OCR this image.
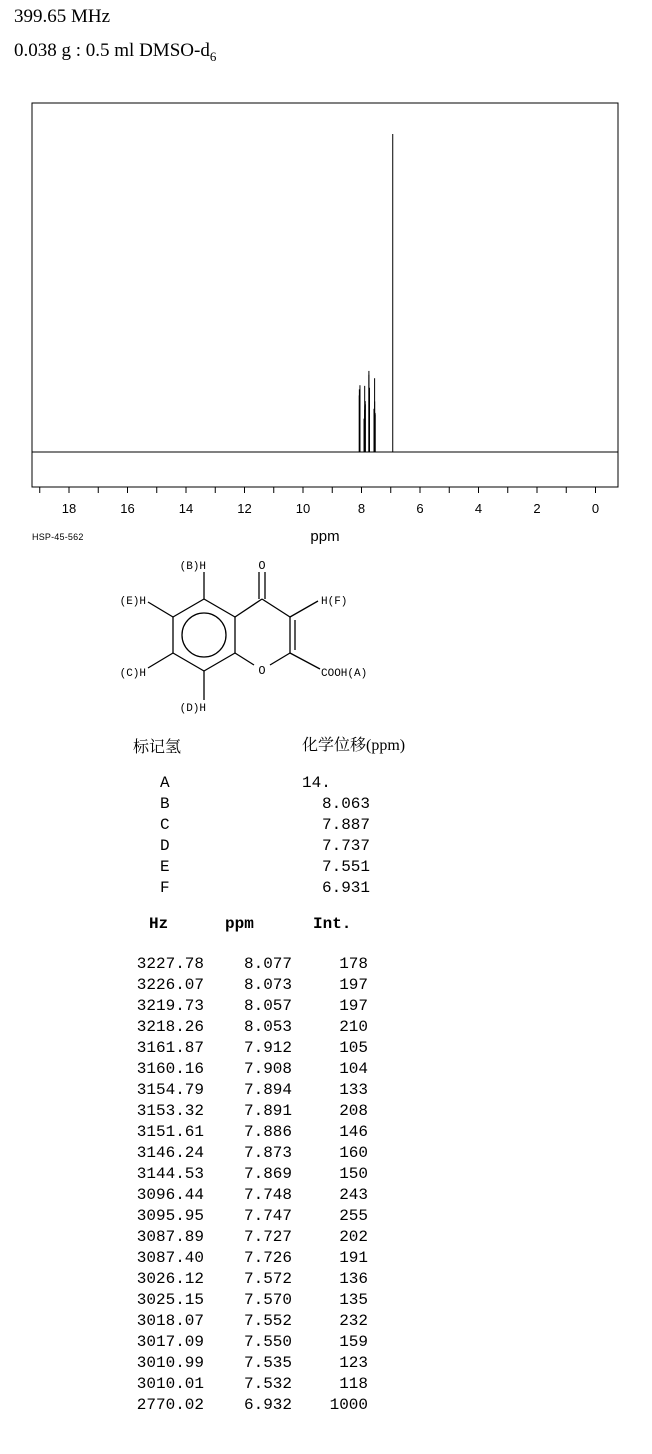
399.65 MHz
0.038 g : 0.5 ml DMSO-$d_6$
18	16	14	12	10	8	6	4	2	0
ppm
HSP-45-562
O
O
(B)H
(E)H
(C)H
(D)H
H(F)
COOH(A)
标记氢	化学位移(ppm)
A	14.
B	8.063
C	7.887
D	7.737
E	7.551
F	6.931
Hz	ppm	Int.
3227.78	8.077	178
3226.07	8.073	197
3219.73	8.057	197
3218.26	8.053	210
3161.87	7.912	105
3160.16	7.908	104
3154.79	7.894	133
3153.32	7.891	208
3151.61	7.886	146
3146.24	7.873	160
3144.53	7.869	150
3096.44	7.748	243
3095.95	7.747	255
3087.89	7.727	202
3087.40	7.726	191
3026.12	7.572	136
3025.15	7.570	135
3018.07	7.552	232
3017.09	7.550	159
3010.99	7.535	123
3010.01	7.532	118
2770.02	6.932	1000
